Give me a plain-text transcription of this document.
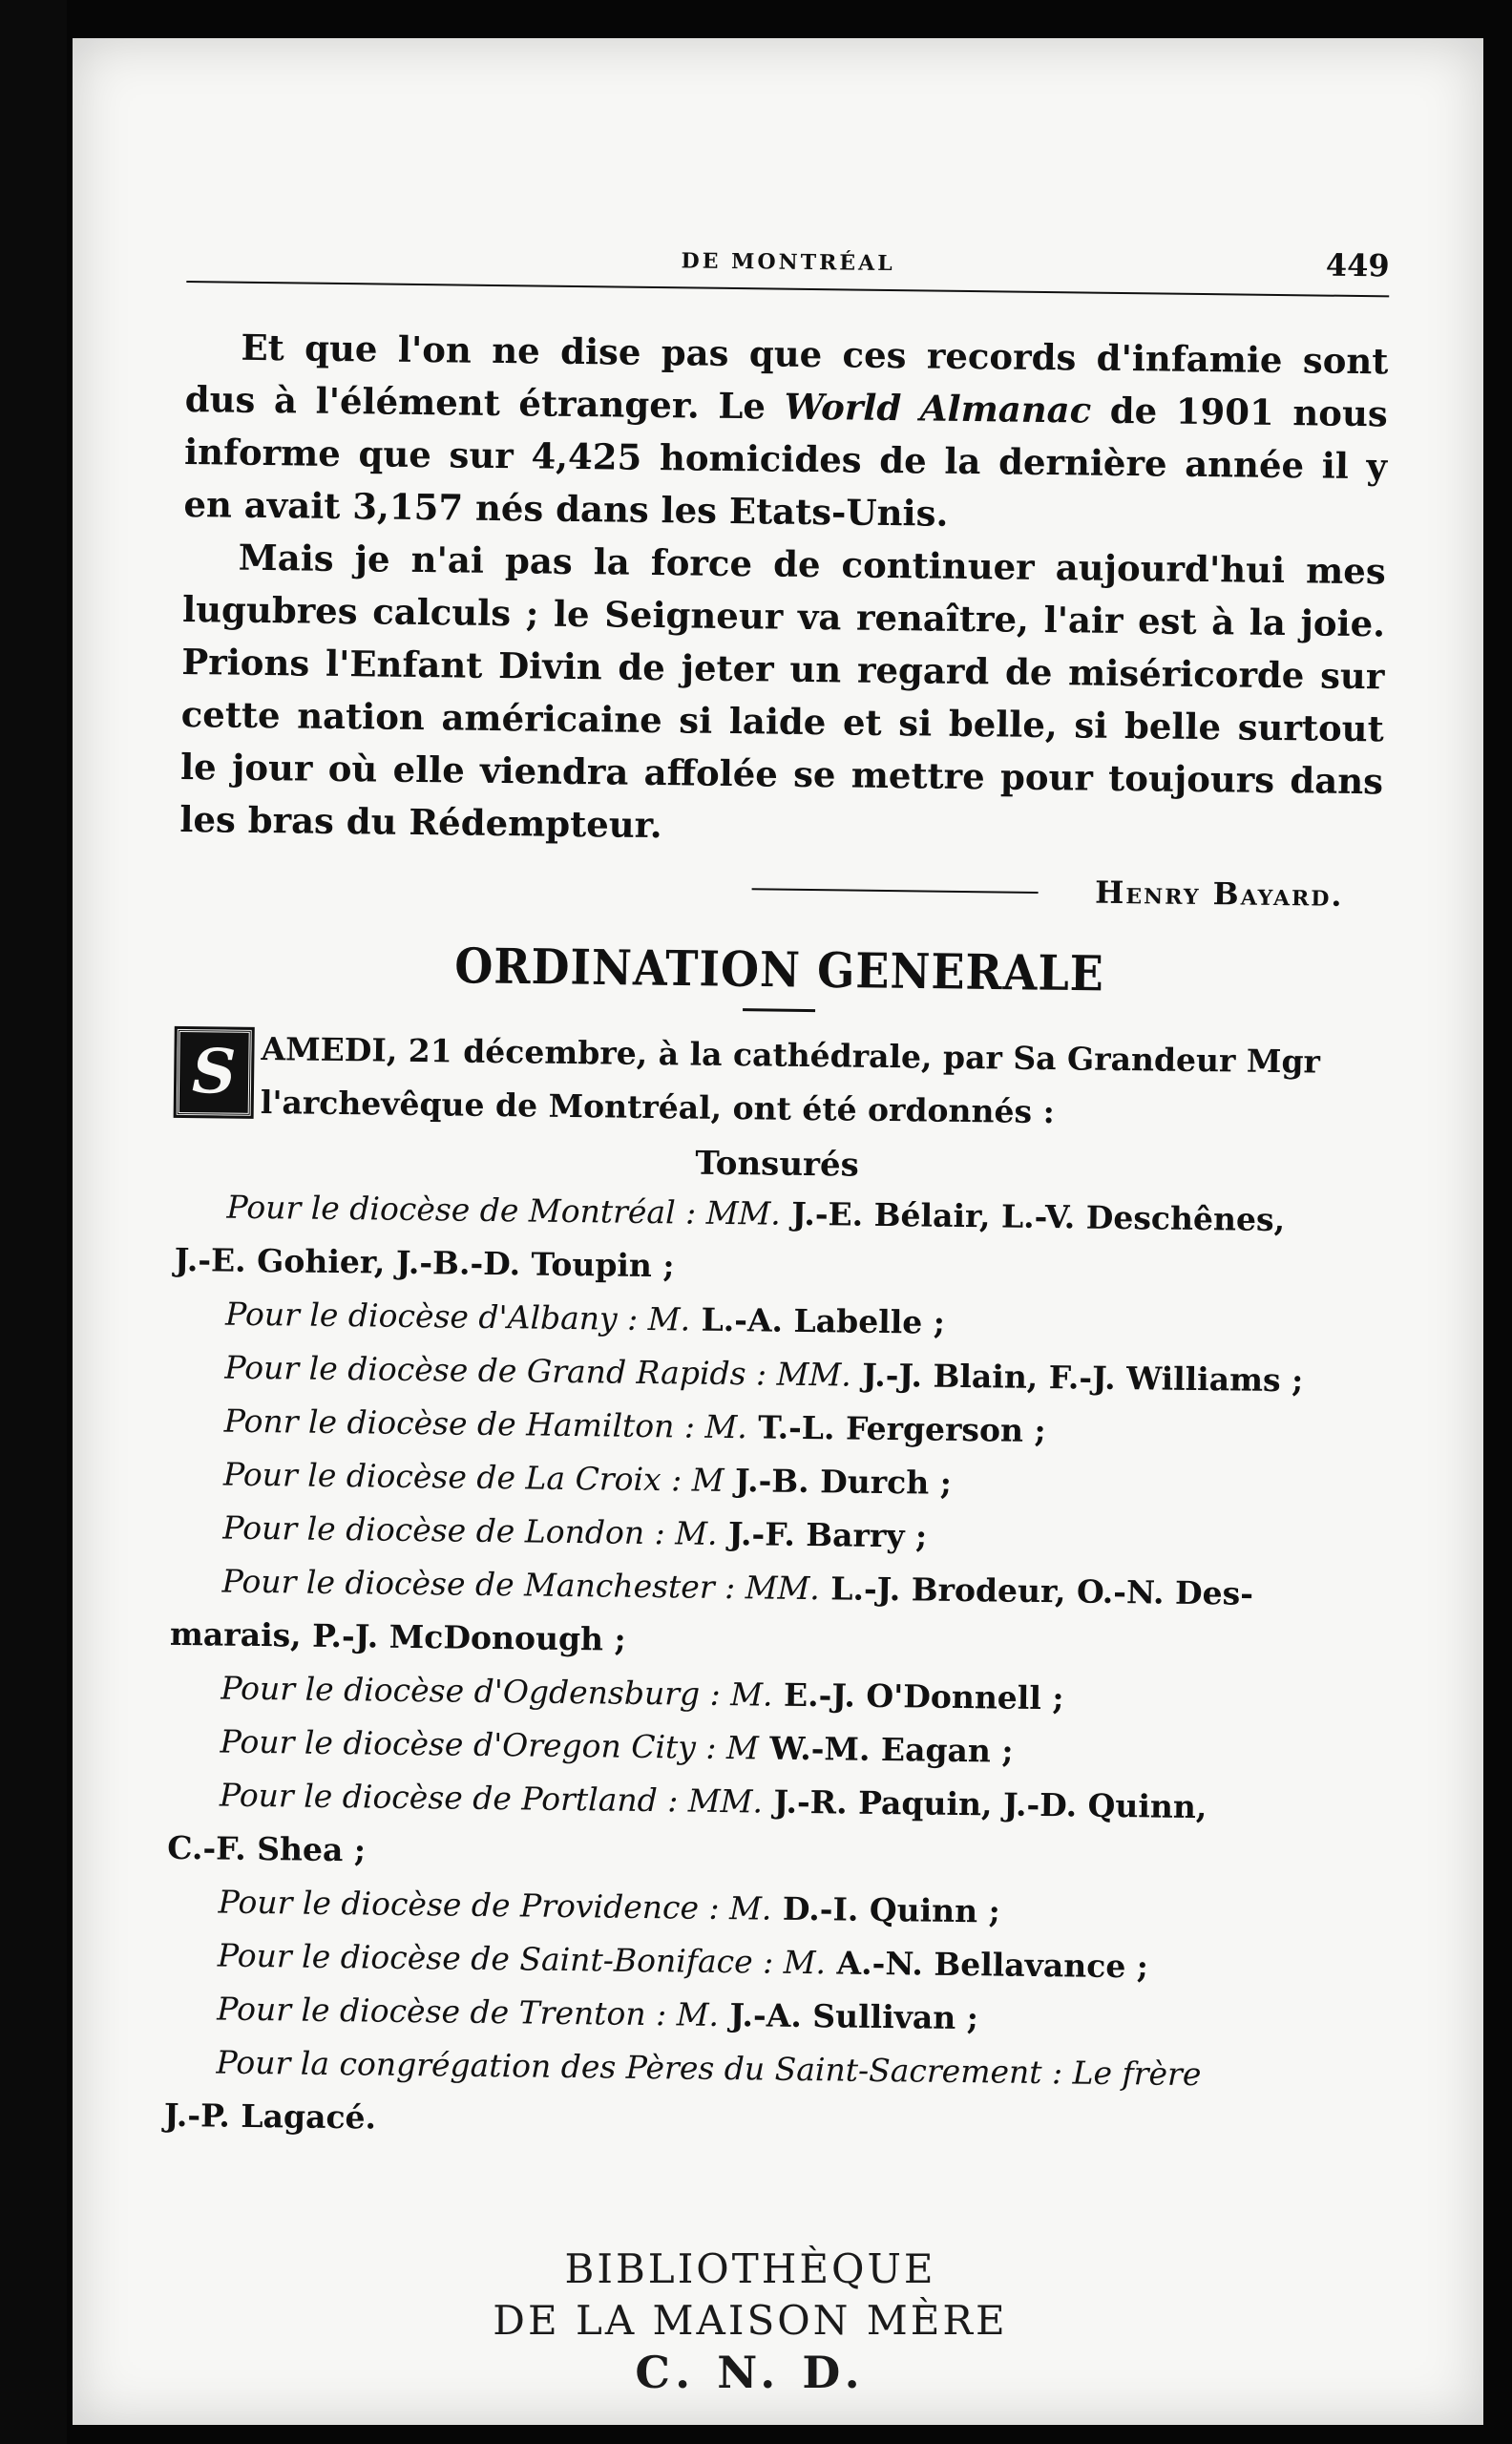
DE MONTRÉAL	449

Et que l'on ne dise pas que ces records d'infamie sont dus à l'élément étranger. Le World Almanac de 1901 nous informe que sur 4,425 homicides de la dernière année il y en avait 3,157 nés dans les Etats-Unis.

Mais je n'ai pas la force de continuer aujourd'hui mes lugubres calculs ; le Seigneur va renaître, l'air est à la joie. Prions l'Enfant Divin de jeter un regard de miséricorde sur cette nation américaine si laide et si belle, si belle surtout le jour où elle viendra affolée se mettre pour toujours dans les bras du Rédempteur.

Henry Bayard.
ORDINATION GENERALE
S AMEDI, 21 décembre, à la cathédrale, par Sa Grandeur Mgr l'archevêque de Montréal, ont été ordonnés :
Tonsurés
Pour le diocèse de Montréal : MM. J.-E. Bélair, L.-V. Deschênes,
J.-E. Gohier, J.-B.-D. Toupin ;
Pour le diocèse d'Albany : M. L.-A. Labelle ;
Pour le diocèse de Grand Rapids : MM. J.-J. Blain, F.-J. Williams ;
Ponr le diocèse de Hamilton : M. T.-L. Fergerson ;
Pour le diocèse de La Croix : M J.-B. Durch ;
Pour le diocèse de London : M. J.-F. Barry ;
Pour le diocèse de Manchester : MM. L.-J. Brodeur, O.-N. Des-
marais, P.-J. McDonough ;
Pour le diocèse d'Ogdensburg : M. E.-J. O'Donnell ;
Pour le diocèse d'Oregon City : M W.-M. Eagan ;
Pour le diocèse de Portland : MM. J.-R. Paquin, J.-D. Quinn,
C.-F. Shea ;
Pour le diocèse de Providence : M. D.-I. Quinn ;
Pour le diocèse de Saint-Boniface : M. A.-N. Bellavance ;
Pour le diocèse de Trenton : M. J.-A. Sullivan ;
Pour la congrégation des Pères du Saint-Sacrement : Le frère
J.-P. Lagacé.
BIBLIOTHÈQUE
DE LA MAISON MÈRE
C. N. D.
